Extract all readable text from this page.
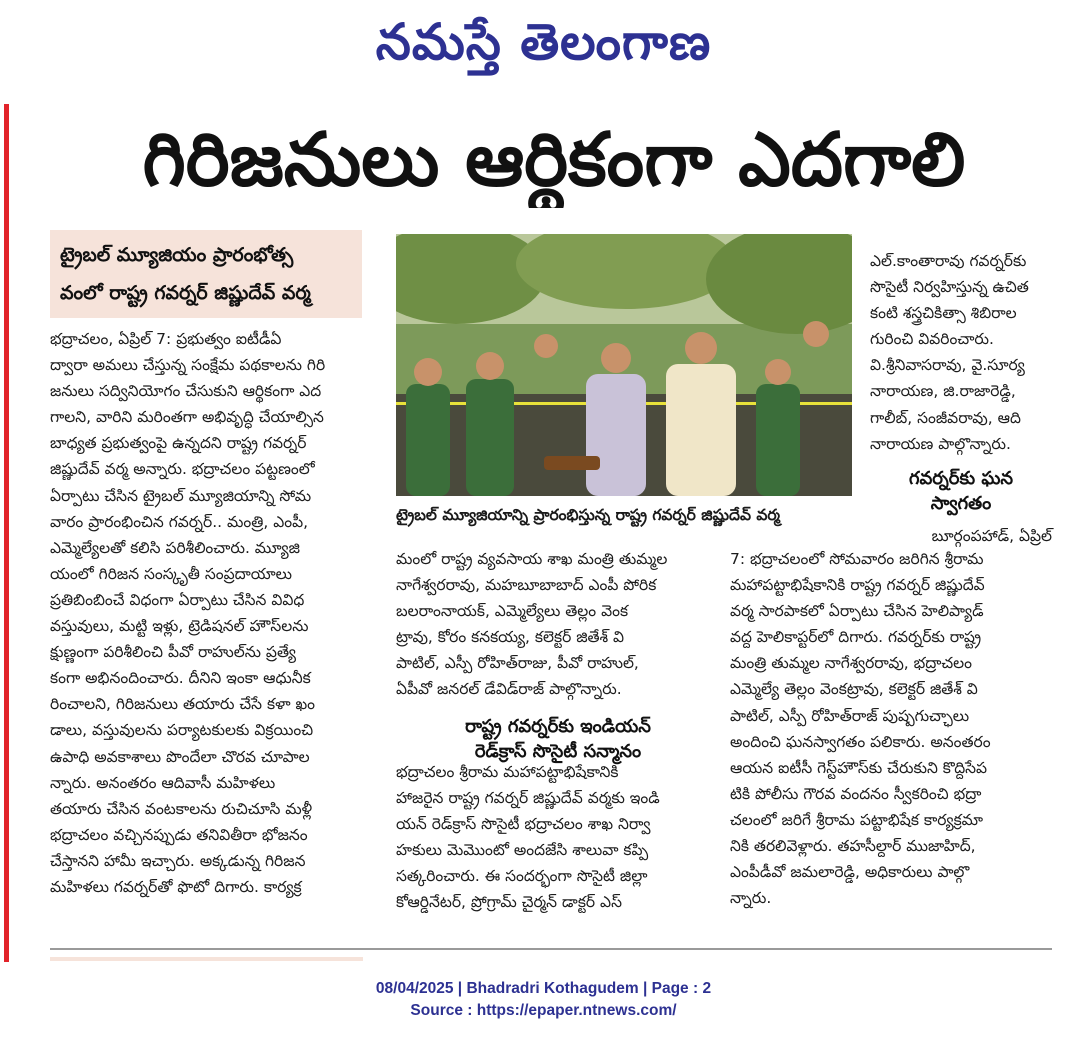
నమస్తే తెలంగాణ
గిరిజనులు ఆర్థికంగా ఎదగాలి
ట్రైబల్ మ్యూజియం ప్రారంభోత్స
వంలో రాష్ట్ర గవర్నర్ జిష్ణుదేవ్ వర్మ
భద్రాచలం, ఏప్రిల్ 7: ప్రభుత్వం ఐటీడీఏ
ద్వారా అమలు చేస్తున్న సంక్షేమ పథకాలను గిరి
జనులు సద్వినియోగం చేసుకుని ఆర్థికంగా ఎద
గాలని, వారిని మరింతగా అభివృద్ధి చేయాల్సిన
బాధ్యత ప్రభుత్వంపై ఉన్నదని రాష్ట్ర గవర్నర్
జిష్ణుదేవ్ వర్మ అన్నారు. భద్రాచలం పట్టణంలో
ఏర్పాటు చేసిన ట్రైబల్ మ్యూజియాన్ని సోమ
వారం ప్రారంభించిన గవర్నర్.. మంత్రి, ఎంపీ,
ఎమ్మెల్యేలతో కలిసి పరిశీలించారు. మ్యూజి
యంలో గిరిజన సంస్కృతీ సంప్రదాయాలు
ప్రతిబింబించే విధంగా ఏర్పాటు చేసిన వివిధ
వస్తువులు, మట్టి ఇళ్లు, ట్రెడిషనల్ హౌస్‌లను
క్షుణ్ణంగా పరిశీలించి పీవో రాహుల్‌ను ప్రత్యే
కంగా అభినందించారు. దీనిని ఇంకా ఆధునీక
రించాలని, గిరిజనులు తయారు చేసే కళా ఖం
డాలు, వస్తువులను పర్యాటకులకు విక్రయించి
ఉపాధి అవకాశాలు పొందేలా చొరవ చూపాల
న్నారు. అనంతరం ఆదివాసీ మహిళలు
తయారు చేసిన వంటకాలను రుచిచూసి మళ్లీ
భద్రాచలం వచ్చినప్పుడు తనివితీరా భోజనం
చేస్తానని హామీ ఇచ్చారు. అక్కడున్న గిరిజన
మహిళలు గవర్నర్‌తో ఫొటో దిగారు. కార్యక్ర
ట్రైబల్ మ్యూజియాన్ని ప్రారంభిస్తున్న రాష్ట్ర గవర్నర్ జిష్ణుదేవ్ వర్మ
ఎల్.కాంతారావు గవర్నర్‌కు
సొసైటీ నిర్వహిస్తున్న ఉచిత
కంటి శస్త్రచికిత్సా శిబిరాల
గురించి వివరించారు.
వి.శ్రీనివాసరావు, వై.సూర్య
నారాయణ, జి.రాజారెడ్డి,
గాలీబ్, సంజీవరావు, ఆది
నారాయణ పాల్గొన్నారు.
గవర్నర్‌కు ఘన
స్వాగతం
బూర్గంపహాడ్, ఏప్రిల్
మంలో రాష్ట్ర వ్యవసాయ శాఖ మంత్రి తుమ్మల
నాగేశ్వరరావు, మహబూబాబాద్ ఎంపీ పోరిక
బలరాంనాయక్, ఎమ్మెల్యేలు తెల్లం వెంక
ట్రావు, కోరం కనకయ్య, కలెక్టర్ జితేశ్ వి
పాటిల్, ఎస్పీ రోహిత్‌రాజు, పీవో రాహుల్,
ఏపీవో జనరల్ డేవిడ్‌రాజ్ పాల్గొన్నారు.
భద్రాచలం శ్రీరామ మహాపట్టాభిషేకానికి
హాజరైన రాష్ట్ర గవర్నర్ జిష్ణుదేవ్ వర్మకు ఇండి
యన్ రెడ్‌క్రాస్ సొసైటీ భద్రాచలం శాఖ నిర్వా
హకులు మెమొంటో అందజేసి శాలువా కప్పి
సత్కరించారు. ఈ సందర్భంగా సొసైటీ జిల్లా
కోఆర్డినేటర్, ప్రోగ్రామ్ చైర్మన్ డాక్టర్ ఎస్
రాష్ట్ర గవర్నర్‌కు ఇండియన్
రెడ్‌క్రాస్ సొసైటీ సన్మానం
7: భద్రాచలంలో సోమవారం జరిగిన శ్రీరామ
మహాపట్టాభిషేకానికి రాష్ట్ర గవర్నర్ జిష్ణుదేవ్
వర్మ సారపాకలో ఏర్పాటు చేసిన హెలిప్యాడ్
వద్ద హెలికాప్టర్‌లో దిగారు. గవర్నర్‌కు రాష్ట్ర
మంత్రి తుమ్మల నాగేశ్వరరావు, భద్రాచలం
ఎమ్మెల్యే తెల్లం వెంకట్రావు, కలెక్టర్ జితేశ్ వి
పాటిల్, ఎస్పీ రోహిత్‌రాజ్ పుష్పగుచ్ఛాలు
అందించి ఘనస్వాగతం పలికారు. అనంతరం
ఆయన ఐటీసీ గెస్ట్‌హౌస్‌కు చేరుకుని కొద్దిసేప
టికి పోలీసు గౌరవ వందనం స్వీకరించి భద్రా
చలంలో జరిగే శ్రీరామ పట్టాభిషేక కార్యక్రమా
నికి తరలివెళ్లారు. తహసీల్దార్ ముజాహిద్,
ఎంపీడీవో జమలారెడ్డి, అధికారులు పాల్గొ
న్నారు.
08/04/2025 | Bhadradri Kothagudem | Page : 2
Source : https://epaper.ntnews.com/
